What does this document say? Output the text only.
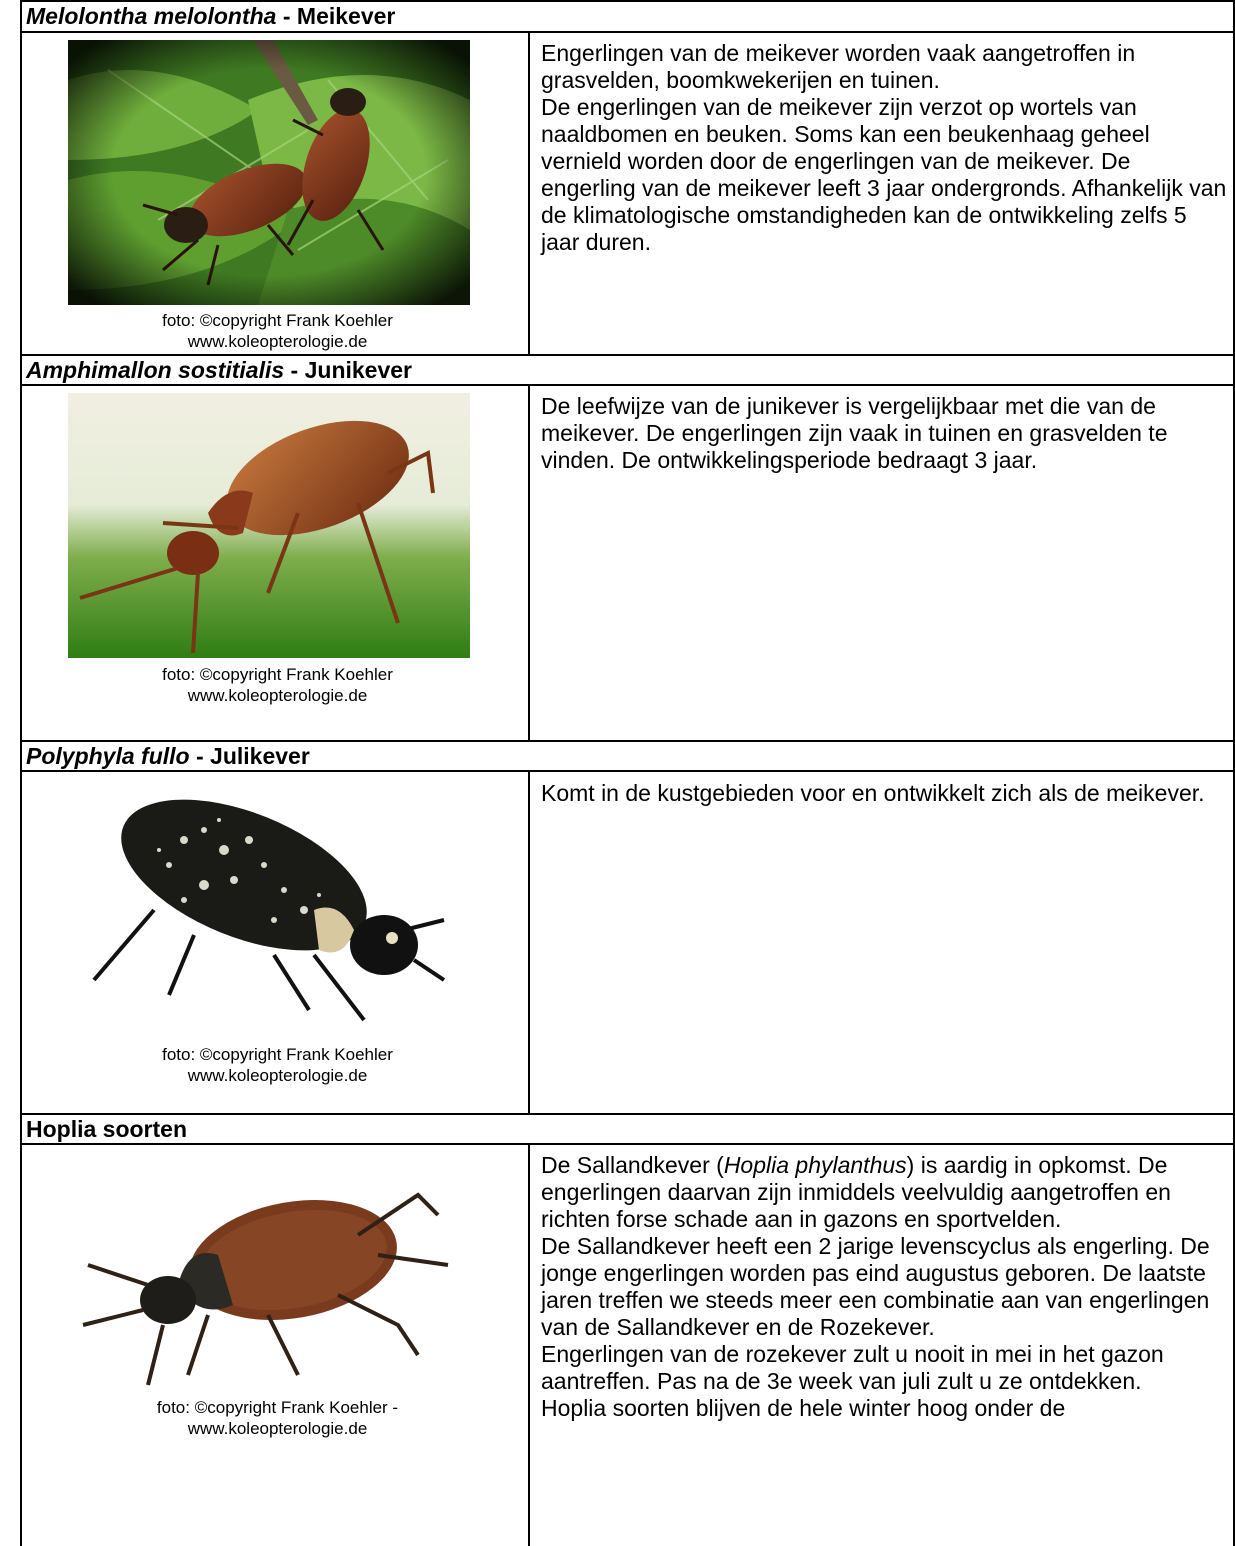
Melolontha melolontha - Meikever
foto: ©copyright Frank Koehler
www.koleopterologie.de
Engerlingen van de meikever worden vaak aangetroffen in grasvelden, boomkwekerijen en tuinen.
De engerlingen van de meikever zijn verzot op wortels van naaldbomen en beuken. Soms kan een beukenhaag geheel vernield worden door de engerlingen van de meikever. De engerling van de meikever leeft 3 jaar ondergronds. Afhankelijk van de klimatologische omstandigheden kan de ontwikkeling zelfs 5 jaar duren.
Amphimallon sostitialis - Junikever
foto: ©copyright Frank Koehler
www.koleopterologie.de
De leefwijze van de junikever is vergelijkbaar met die van de meikever. De engerlingen zijn vaak in tuinen en grasvelden te vinden. De ontwikkelingsperiode bedraagt 3 jaar.
Polyphyla fullo - Julikever
foto: ©copyright Frank Koehler
www.koleopterologie.de
Komt in de kustgebieden voor en ontwikkelt zich als de meikever.
Hoplia soorten
foto: ©copyright Frank Koehler -
www.koleopterologie.de
De Sallandkever (Hoplia phylanthus) is aardig in opkomst. De engerlingen daarvan zijn inmiddels veelvuldig aangetroffen en richten forse schade aan in gazons en sportvelden.
De Sallandkever heeft een 2 jarige levenscyclus als engerling. De jonge engerlingen worden pas eind augustus geboren. De laatste jaren treffen we steeds meer een combinatie aan van engerlingen van de Sallandkever en de Rozekever.
Engerlingen van de rozekever zult u nooit in mei in het gazon aantreffen. Pas na de 3e week van juli zult u ze ontdekken.
Hoplia soorten blijven de hele winter hoog onder de
